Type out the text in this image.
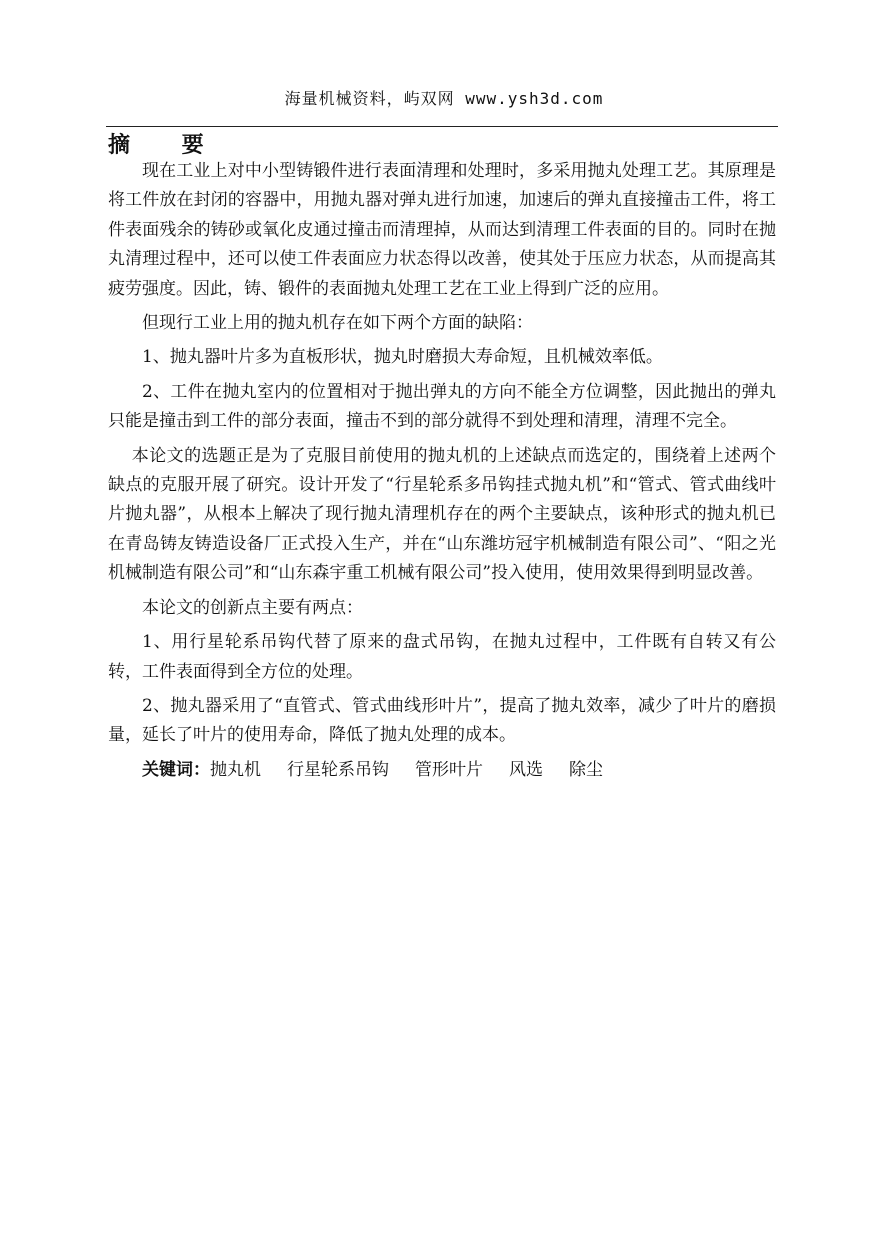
海量机械资料，屿双网 www.ysh3d.com
摘 要

现在工业上对中小型铸锻件进行表面清理和处理时，多采用抛丸处理工艺。其原理是将工件放在封闭的容器中，用抛丸器对弹丸进行加速，加速后的弹丸直接撞击工件，将工件表面残余的铸砂或氧化皮通过撞击而清理掉，从而达到清理工件表面的目的。同时在抛丸清理过程中，还可以使工件表面应力状态得以改善，使其处于压应力状态，从而提高其疲劳强度。因此，铸、锻件的表面抛丸处理工艺在工业上得到广泛的应用。

但现行工业上用的抛丸机存在如下两个方面的缺陷：

1、抛丸器叶片多为直板形状，抛丸时磨损大寿命短，且机械效率低。

2、工件在抛丸室内的位置相对于抛出弹丸的方向不能全方位调整，因此抛出的弹丸只能是撞击到工件的部分表面，撞击不到的部分就得不到处理和清理，清理不完全。

本论文的选题正是为了克服目前使用的抛丸机的上述缺点而选定的，围绕着上述两个缺点的克服开展了研究。设计开发了“行星轮系多吊钩挂式抛丸机”和“管式、管式曲线叶片抛丸器”，从根本上解决了现行抛丸清理机存在的两个主要缺点，该种形式的抛丸机已在青岛铸友铸造设备厂正式投入生产，并在“山东潍坊冠宇机械制造有限公司”、“阳之光机械制造有限公司”和“山东森宇重工机械有限公司”投入使用，使用效果得到明显改善。

本论文的创新点主要有两点：

1、用行星轮系吊钩代替了原来的盘式吊钩，在抛丸过程中，工件既有自转又有公转，工件表面得到全方位的处理。

2、抛丸器采用了“直管式、管式曲线形叶片”，提高了抛丸效率，减少了叶片的磨损量，延长了叶片的使用寿命，降低了抛丸处理的成本。

关键词：抛丸机 行星轮系吊钩 管形叶片 风选 除尘
